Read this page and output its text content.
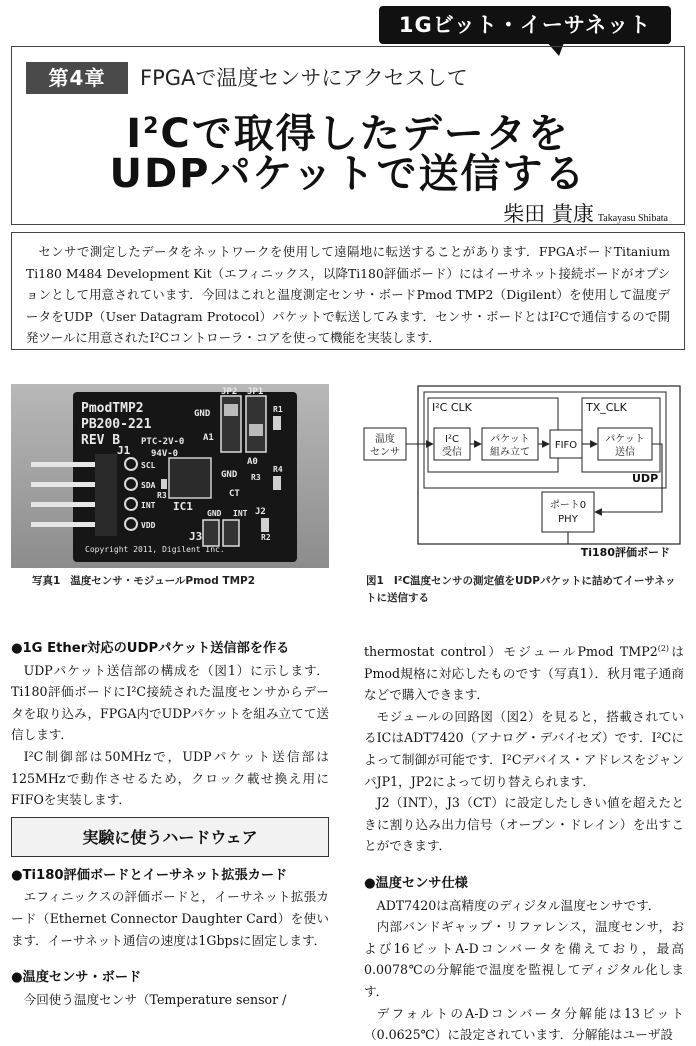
1Gビット・イーサネット
第4章	FPGAで温度センサにアクセスして
$I^2C$で取得したデータを
UDPパケットで送信する
柴田 貴康 Takayasu Shibata

センサで測定したデータをネットワークを使用して遠隔地に転送することがあります．FPGAボードTitanium Ti180 M484 Development Kit（エフィニックス，以降Ti180評価ボード）にはイーサネット接続ボードがオプションとして用意されています．今回はこれと温度測定センサ・ボードPmod TMP2（Digilent）を使用して温度データをUDP（User Datagram Protocol）パケットで転送してみます．センサ・ボードとはI²Cで通信するので開発ツールに用意されたI²Cコントローラ・コアを使って機能を実装します．

PmodTMP2
PB200-221
REV B
J1
PTC-2V-0
94V-0
JP2 JP1
GND
A1
R1
A0
GND
CT
R3
R4
SCL
SDA
INT
VDD
R3
IC1
J3
GND INT J2
R2
Copyright 2011, Digilent Inc.
写真1 温度センサ・モジュールPmod TMP2
Ti180評価ボード
UDP
I²C CLK	TX_CLK
温度
センサ
I²C
受信
パケット
組み立て
FIFO
パケット
送信
ポート0
PHY
図1 I²C温度センサの測定値をUDPパケットに詰めてイーサネットに送信する

●1G Ether対応のUDPパケット送信部を作る

UDPパケット送信部の構成を（図1）に示します．Ti180評価ボードにI²C接続された温度センサからデータを取り込み，FPGA内でUDPパケットを組み立てて送信します．

I²C制御部は50MHzで，UDPパケット送信部は125MHzで動作させるため，クロック載せ換え用にFIFOを実装します．

実験に使うハードウェア

●Ti180評価ボードとイーサネット拡張カード

エフィニックスの評価ボードと，イーサネット拡張カード（Ethernet Connector Daughter Card）を使います．イーサネット通信の速度は1Gbpsに固定します．

●温度センサ・ボード

今回使う温度センサ（Temperature sensor /

thermostat control）モジュールPmod TMP2$^{(2)}$はPmod規格に対応したものです（写真1）．秋月電子通商などで購入できます．

モジュールの回路図（図2）を見ると，搭載されているICはADT7420（アナログ・デバイセズ）です．I²Cによって制御が可能です．I²Cデバイス・アドレスをジャンパJP1，JP2によって切り替えられます．

J2（INT），J3（CT）に設定したしきい値を超えたときに割り込み出力信号（オープン・ドレイン）を出すことができます．

●温度センサ仕様

ADT7420は高精度のディジタル温度センサです．

内部バンドギャップ・リファレンス，温度センサ，および16ビットA-Dコンバータを備えており，最高0.0078℃の分解能で温度を監視してディジタル化します．

デフォルトのA-Dコンバータ分解能は13ビット（0.0625℃）に設定されています．分解能はユーザ設
